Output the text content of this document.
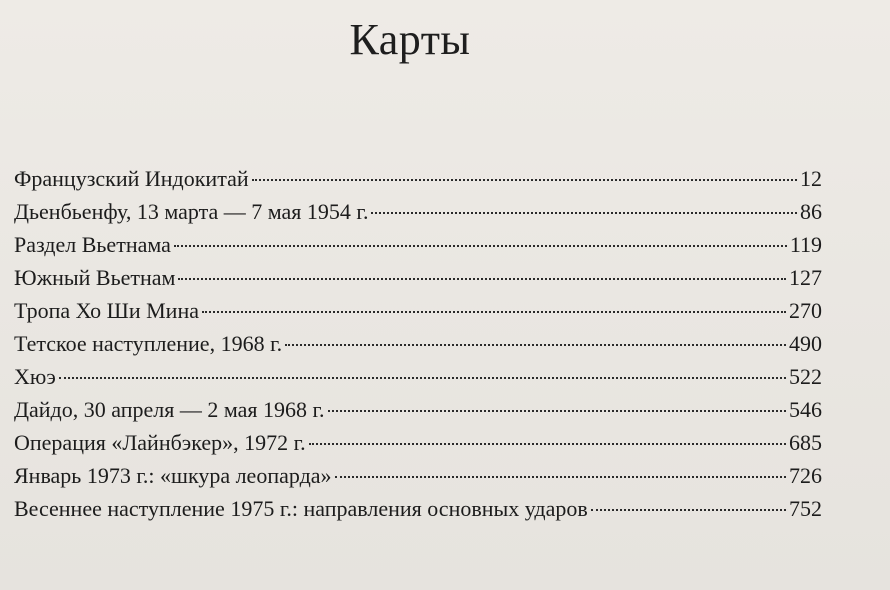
Карты
Французский Индокитай	12
Дьенбьенфу, 13 марта — 7 мая 1954 г.	86
Раздел Вьетнама	119
Южный Вьетнам	127
Тропа Хо Ши Мина	270
Тетское наступление, 1968 г.	490
Хюэ	522
Дайдо, 30 апреля — 2 мая 1968 г.	546
Операция «Лайнбэкер», 1972 г.	685
Январь 1973 г.: «шкура леопарда»	726
Весеннее наступление 1975 г.: направления основных ударов	752
